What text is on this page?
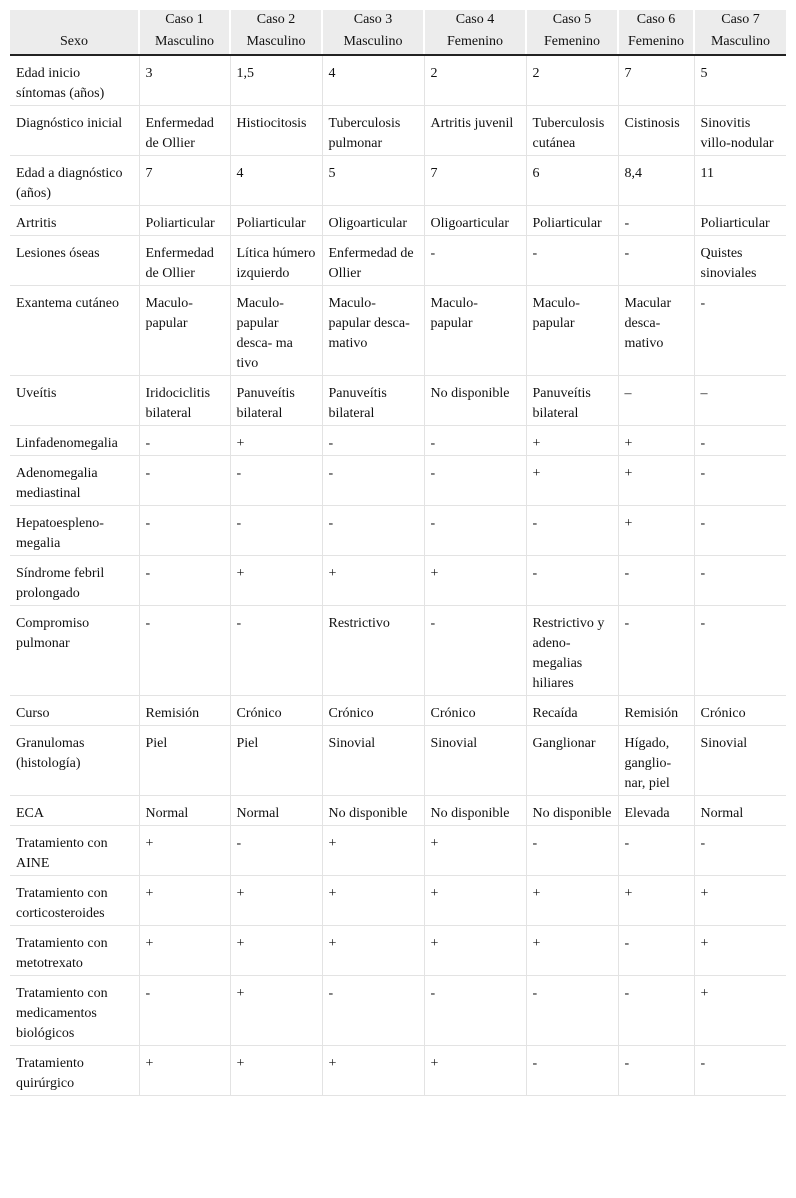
Sexo	Caso 1	Caso 2	Caso 3	Caso 4	Caso 5	Caso 6	Caso 7
	Masculino	Masculino	Masculino	Femenino	Femenino	Femenino	Masculino
Edad inicio síntomas (años)	3	1,5	4	2	2	7	5
Diagnóstico inicial	Enfermedad de Ollier	Histiocitosis	Tuberculosis pulmonar	Artritis juvenil	Tuberculosis cutánea	Cistinosis	Sinovitis villo-nodular
Edad a diagnóstico (años)	7	4	5	7	6	8,4	11
Artritis	Poliarticular	Poliarticular	Oligoarticular	Oligoarticular	Poliarticular	-	Poliarticular
Lesiones óseas	Enfermedad de Ollier	Lítica húmero izquierdo	Enfermedad de Ollier	-	-	-	Quistes sinoviales
Exantema cutáneo	Maculo-papular	Maculo-papular desca- ma tivo	Maculo-papular desca-mativo	Maculo-papular	Maculo-papular	Macular desca-mativo	-
Uveítis	Iridociclitis bilateral	Panuveítis bilateral	Panuveítis bilateral	No disponible	Panuveítis bilateral	–	–
Linfadenomegalia	-	+	-	-	+	+	-
Adenomegalia mediastinal	-	-	-	-	+	+	-
Hepatoespleno-megalia	-	-	-	-	-	+	-
Síndrome febril prolongado	-	+	+	+	-	-	-
Compromiso pulmonar	-	-	Restrictivo	-	Restrictivo y adeno-megalias hiliares	-	-
Curso	Remisión	Crónico	Crónico	Crónico	Recaída	Remisión	Crónico
Granulomas (histología)	Piel	Piel	Sinovial	Sinovial	Ganglionar	Hígado, ganglio-nar, piel	Sinovial
ECA	Normal	Normal	No disponible	No disponible	No disponible	Elevada	Normal
Tratamiento con AINE	+	-	+	+	-	-	-
Tratamiento con corticosteroides	+	+	+	+	+	+	+
Tratamiento con metotrexato	+	+	+	+	+	-	+
Tratamiento con medicamentos biológicos	-	+	-	-	-	-	+
Tratamiento quirúrgico	+	+	+	+	-	-	-
